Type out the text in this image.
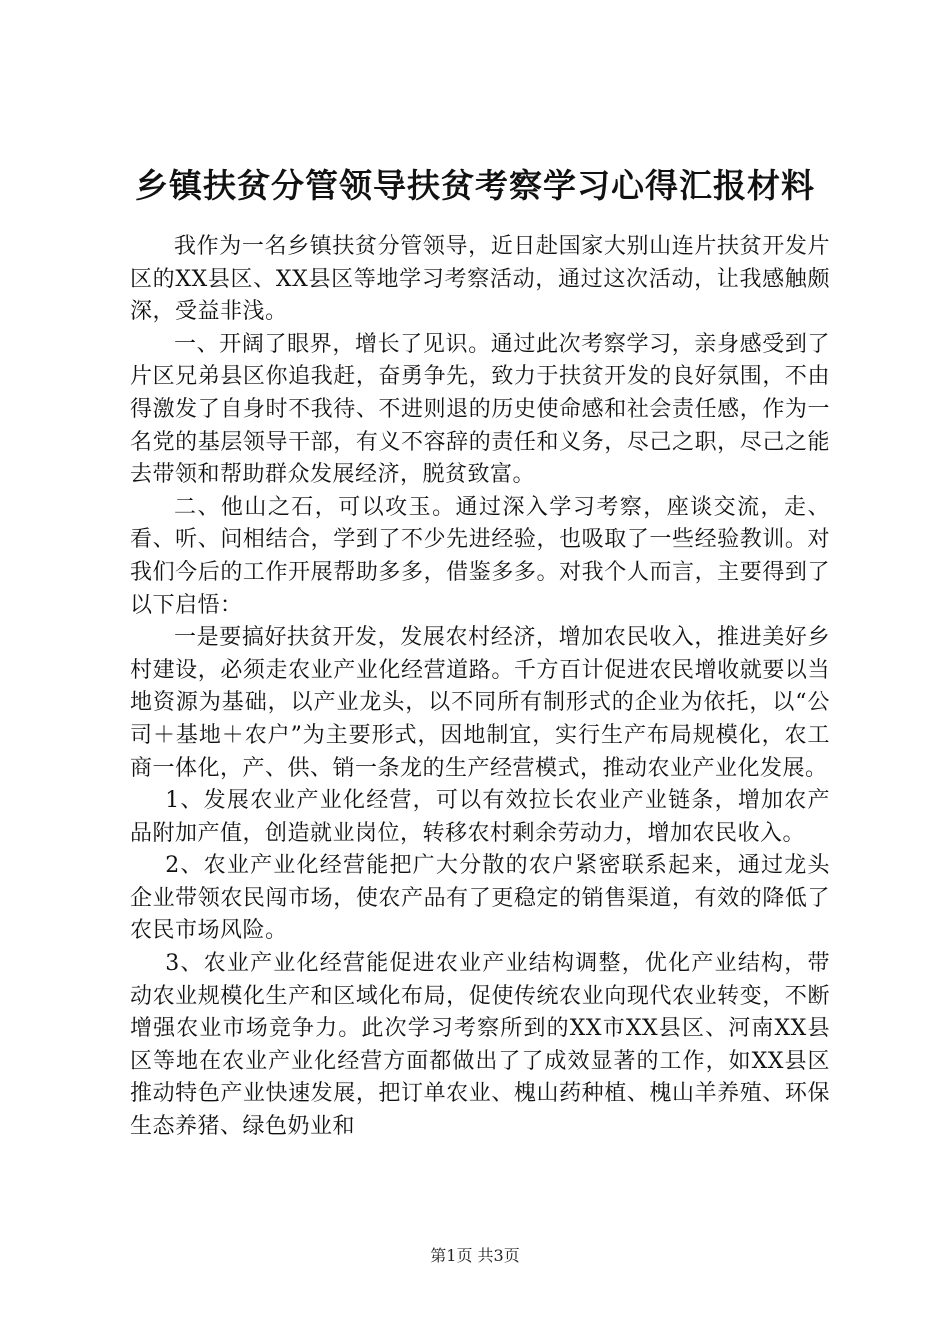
乡镇扶贫分管领导扶贫考察学习心得汇报材料

我作为一名乡镇扶贫分管领导，近日赴国家大别山连片扶贫开发片区的XX县区、XX县区等地学习考察活动，通过这次活动，让我感触颇深，受益非浅。

一、开阔了眼界，增长了见识。通过此次考察学习，亲身感受到了片区兄弟县区你追我赶，奋勇争先，致力于扶贫开发的良好氛围，不由得激发了自身时不我待、不进则退的历史使命感和社会责任感，作为一名党的基层领导干部，有义不容辞的责任和义务，尽己之职，尽己之能去带领和帮助群众发展经济，脱贫致富。

二、他山之石，可以攻玉。通过深入学习考察，座谈交流，走、看、听、问相结合，学到了不少先进经验，也吸取了一些经验教训。对我们今后的工作开展帮助多多，借鉴多多。对我个人而言，主要得到了以下启悟：

一是要搞好扶贫开发，发展农村经济，增加农民收入，推进美好乡村建设，必须走农业产业化经营道路。千方百计促进农民增收就要以当地资源为基础，以产业龙头，以不同所有制形式的企业为依托，以“公司＋基地＋农户”为主要形式，因地制宜，实行生产布局规模化，农工商一体化，产、供、销一条龙的生产经营模式，推动农业产业化发展。

1、发展农业产业化经营，可以有效拉长农业产业链条，增加农产品附加产值，创造就业岗位，转移农村剩余劳动力，增加农民收入。

2、农业产业化经营能把广大分散的农户紧密联系起来，通过龙头企业带领农民闯市场，使农产品有了更稳定的销售渠道，有效的降低了农民市场风险。

3、农业产业化经营能促进农业产业结构调整，优化产业结构，带动农业规模化生产和区域化布局，促使传统农业向现代农业转变，不断增强农业市场竞争力。此次学习考察所到的XX市XX县区、河南XX县区等地在农业产业化经营方面都做出了了成效显著的工作，如XX县区推动特色产业快速发展，把订单农业、槐山药种植、槐山羊养殖、环保生态养猪、绿色奶业和

第1页 共3页
